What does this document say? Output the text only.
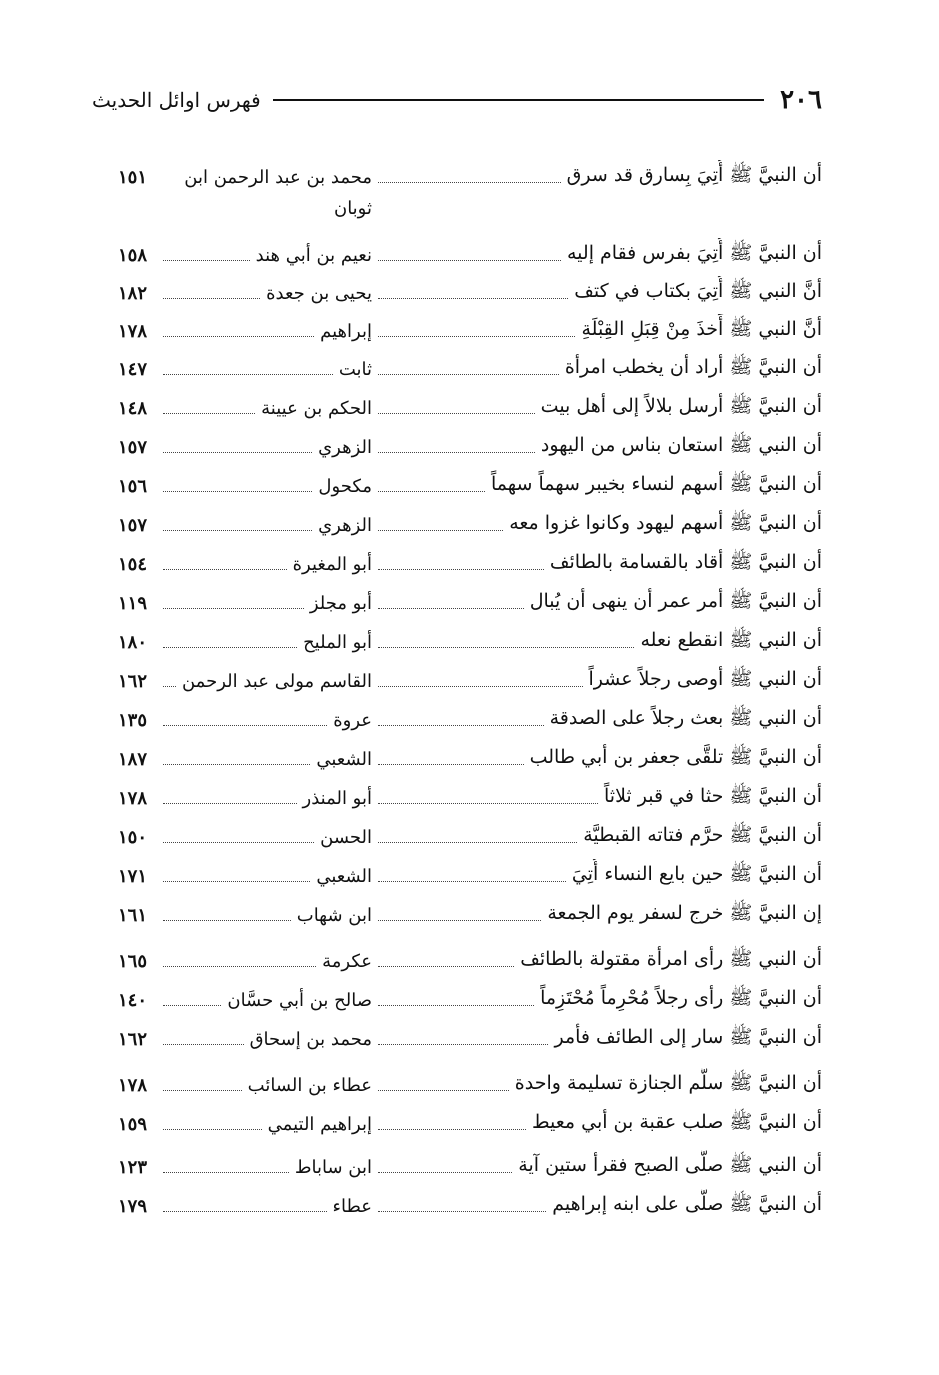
٢٠٦
فهرس اوائل الحديث
أن النبيَّ ﷺ أُتِيَ بِسارق قد سرق
محمد بن عبد الرحمن ابن
١٥١
ثوبان
أن النبيَّ ﷺ أُتِيَ بفرس فقام إليه
نعيم بن أبي هند
١٥٨
أنَّ النبي ﷺ أُتِيَ بكتاب في كتف
يحيى بن جعدة
١٨٢
أنَّ النبي ﷺ أَخذَ مِنْ قِبَلِ القِبْلَةِ
إبراهيم
١٧٨
أن النبيَّ ﷺ أراد أن يخطب امرأة
ثابت
١٤٧
أن النبيَّ ﷺ أرسل بلالاً إلى أهل بيت
الحكم بن عيينة
١٤٨
أن النبي ﷺ استعان بناس من اليهود
الزهري
١٥٧
أن النبيَّ ﷺ أسهم لنساء بخيبر سهماً سهماً
مكحول
١٥٦
أن النبيَّ ﷺ أسهم ليهود وكانوا غزوا معه
الزهري
١٥٧
أن النبيَّ ﷺ أقاد بالقسامة بالطائف
أبو المغيرة
١٥٤
أن النبيَّ ﷺ أمر عمر أن ينهى أن يُبال
أبو مجلز
١١٩
أن النبي ﷺ انقطع نعله
أبو المليح
١٨٠
أن النبي ﷺ أوصى رجلاً عشراً
القاسم مولى عبد الرحمن
١٦٢
أن النبي ﷺ بعث رجلاً على الصدقة
عروة
١٣٥
أن النبيَّ ﷺ تلقَّى جعفر بن أبي طالب
الشعبي
١٨٧
أن النبيَّ ﷺ حثا في قبر ثلاثاً
أبو المنذر
١٧٨
أن النبيَّ ﷺ حرَّم فتاته القبطيَّة
الحسن
١٥٠
أن النبيَّ ﷺ حين بايع النساء أُتِيَ
الشعبي
١٧١
إن النبيَّ ﷺ خرج لسفر يوم الجمعة
ابن شهاب
١٦١
أن النبي ﷺ رأى امرأة مقتولة بالطائف
عكرمة
١٦٥
أن النبيَّ ﷺ رأى رجلاً مُحْرِماً مُحْتَزِماً
صالح بن أبي حسَّان
١٤٠
أن النبيَّ ﷺ سار إلى الطائف فأمر
محمد بن إسحاق
١٦٢
أن النبيَّ ﷺ سلَّم الجنازة تسليمة واحدة
عطاء بن السائب
١٧٨
أن النبيَّ ﷺ صلب عقبة بن أبي معيط
إبراهيم التيمي
١٥٩
أن النبي ﷺ صلَّى الصبح فقرأ ستين آية
ابن ساباط
١٢٣
أن النبيَّ ﷺ صلَّى على ابنه إبراهيم
عطاء
١٧٩
